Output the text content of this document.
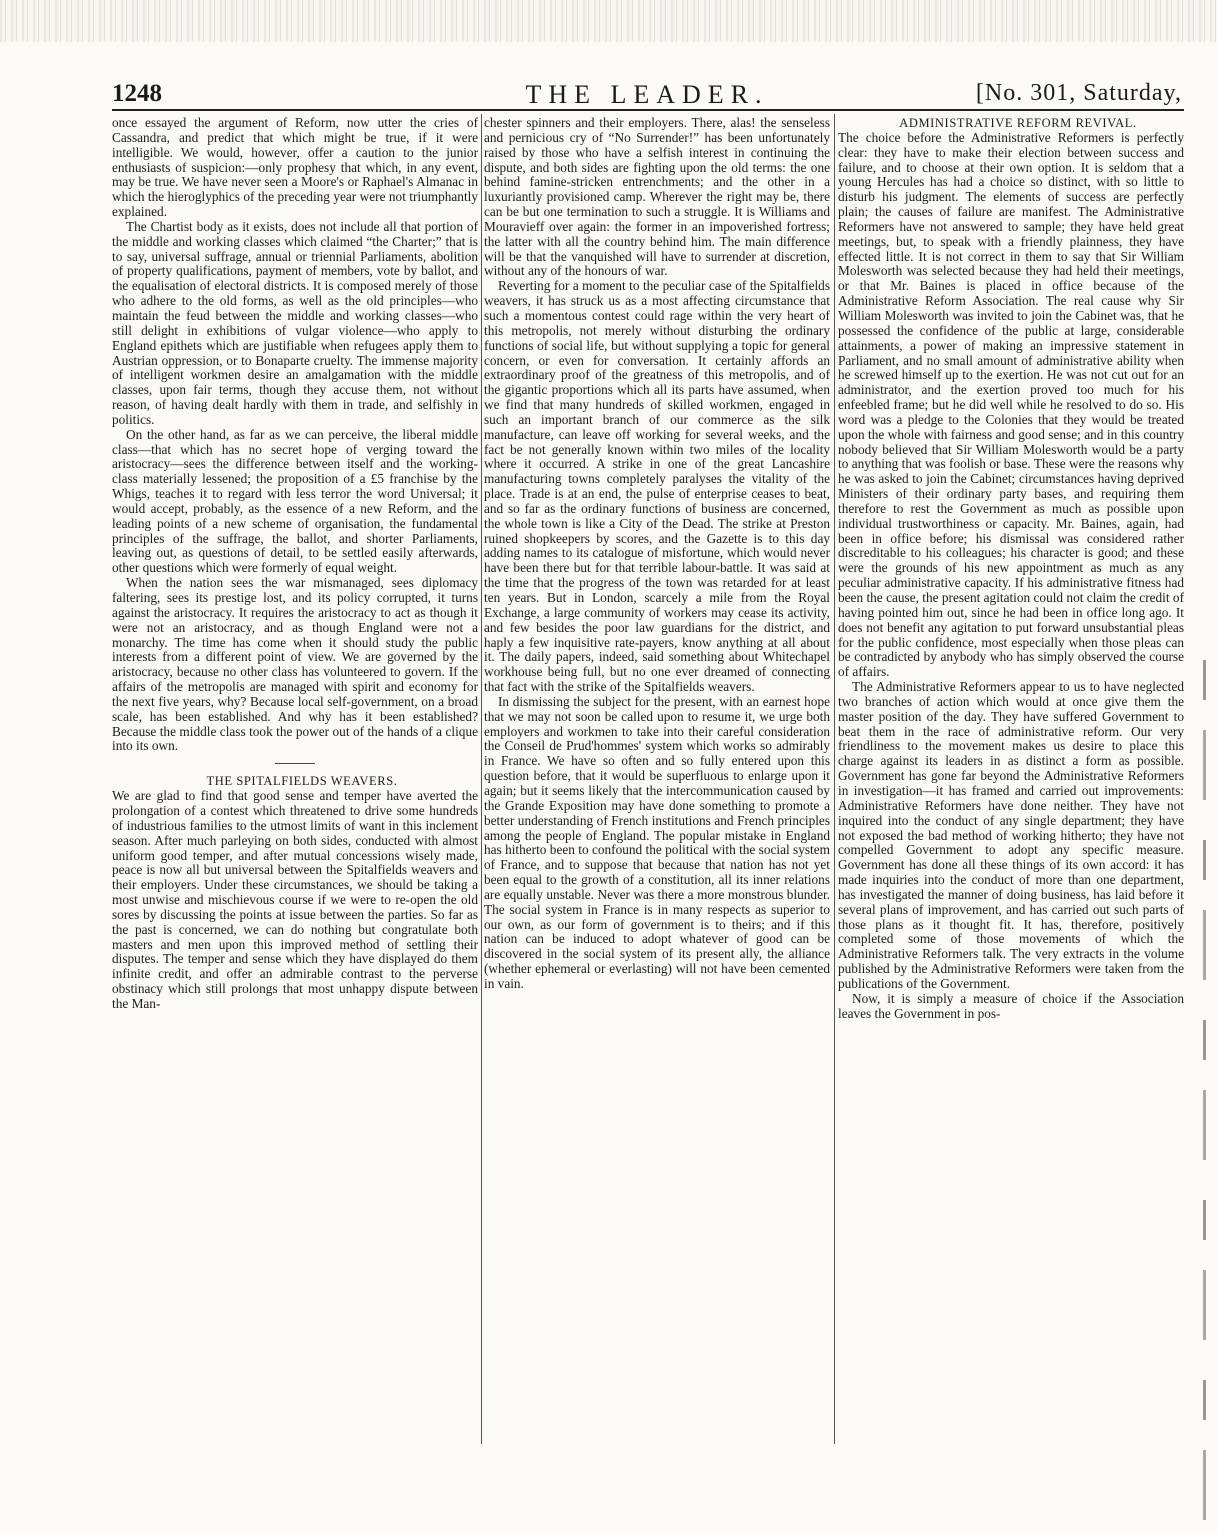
THE LEADER.
1248	[No. 301, Saturday,

once essayed the argument of Reform, now utter the cries of Cassandra, and predict that which might be true, if it were intelligible. We would, however, offer a caution to the junior enthusiasts of suspicion:—only prophesy that which, in any event, may be true. We have never seen a Moore's or Raphael's Almanac in which the hieroglyphics of the preceding year were not triumphantly explained.

The Chartist body as it exists, does not include all that portion of the middle and working classes which claimed “the Charter;” that is to say, universal suffrage, annual or triennial Parliaments, abolition of property qualifications, payment of members, vote by ballot, and the equalisation of electoral districts. It is composed merely of those who adhere to the old forms, as well as the old principles—who maintain the feud between the middle and working classes—who still delight in exhibitions of vulgar violence—who apply to England epithets which are justifiable when refugees apply them to Austrian oppression, or to Bonaparte cruelty. The immense majority of intelligent workmen desire an amalgamation with the middle classes, upon fair terms, though they accuse them, not without reason, of having dealt hardly with them in trade, and selfishly in politics.

On the other hand, as far as we can perceive, the liberal middle class—that which has no secret hope of verging toward the aristocracy—sees the difference between itself and the working-class materially lessened; the proposition of a £5 franchise by the Whigs, teaches it to regard with less terror the word Universal; it would accept, probably, as the essence of a new Reform, and the leading points of a new scheme of organisation, the fundamental principles of the suffrage, the ballot, and shorter Parliaments, leaving out, as questions of detail, to be settled easily afterwards, other questions which were formerly of equal weight.

When the nation sees the war mismanaged, sees diplomacy faltering, sees its prestige lost, and its policy corrupted, it turns against the aristocracy. It requires the aristocracy to act as though it were not an aristocracy, and as though England were not a monarchy. The time has come when it should study the public interests from a different point of view. We are governed by the aristocracy, because no other class has volunteered to govern. If the affairs of the metropolis are managed with spirit and economy for the next five years, why? Because local self-government, on a broad scale, has been established. And why has it been established? Because the middle class took the power out of the hands of a clique into its own.

THE SPITALFIELDS WEAVERS.

We are glad to find that good sense and temper have averted the prolongation of a contest which threatened to drive some hundreds of industrious families to the utmost limits of want in this inclement season. After much parleying on both sides, conducted with almost uniform good temper, and after mutual concessions wisely made, peace is now all but universal between the Spitalfields weavers and their employers. Under these circumstances, we should be taking a most unwise and mischievous course if we were to re-open the old sores by discussing the points at issue between the parties. So far as the past is concerned, we can do nothing but congratulate both masters and men upon this improved method of settling their disputes. The temper and sense which they have displayed do them infinite credit, and offer an admirable contrast to the perverse obstinacy which still prolongs that most unhappy dispute between the Man-

chester spinners and their employers. There, alas! the senseless and pernicious cry of “No Surrender!” has been unfortunately raised by those who have a selfish interest in continuing the dispute, and both sides are fighting upon the old terms: the one behind famine-stricken entrenchments; and the other in a luxuriantly provisioned camp. Wherever the right may be, there can be but one termination to such a struggle. It is Williams and Mouravieff over again: the former in an impoverished fortress; the latter with all the country behind him. The main difference will be that the vanquished will have to surrender at discretion, without any of the honours of war.

Reverting for a moment to the peculiar case of the Spitalfields weavers, it has struck us as a most affecting circumstance that such a momentous contest could rage within the very heart of this metropolis, not merely without disturbing the ordinary functions of social life, but without supplying a topic for general concern, or even for conversation. It certainly affords an extraordinary proof of the greatness of this metropolis, and of the gigantic proportions which all its parts have assumed, when we find that many hundreds of skilled workmen, engaged in such an important branch of our commerce as the silk manufacture, can leave off working for several weeks, and the fact be not generally known within two miles of the locality where it occurred. A strike in one of the great Lancashire manufacturing towns completely paralyses the vitality of the place. Trade is at an end, the pulse of enterprise ceases to beat, and so far as the ordinary functions of business are concerned, the whole town is like a City of the Dead. The strike at Preston ruined shopkeepers by scores, and the Gazette is to this day adding names to its catalogue of misfortune, which would never have been there but for that terrible labour-battle. It was said at the time that the progress of the town was retarded for at least ten years. But in London, scarcely a mile from the Royal Exchange, a large community of workers may cease its activity, and few besides the poor law guardians for the district, and haply a few inquisitive rate-payers, know anything at all about it. The daily papers, indeed, said something about Whitechapel workhouse being full, but no one ever dreamed of connecting that fact with the strike of the Spitalfields weavers.

In dismissing the subject for the present, with an earnest hope that we may not soon be called upon to resume it, we urge both employers and workmen to take into their careful consideration the Conseil de Prud'hommes' system which works so admirably in France. We have so often and so fully entered upon this question before, that it would be superfluous to enlarge upon it again; but it seems likely that the intercommunication caused by the Grande Exposition may have done something to promote a better understanding of French institutions and French principles among the people of England. The popular mistake in England has hitherto been to confound the political with the social system of France, and to suppose that because that nation has not yet been equal to the growth of a constitution, all its inner relations are equally unstable. Never was there a more monstrous blunder. The social system in France is in many respects as superior to our own, as our form of government is to theirs; and if this nation can be induced to adopt whatever of good can be discovered in the social system of its present ally, the alliance (whether ephemeral or everlasting) will not have been cemented in vain.

ADMINISTRATIVE REFORM REVIVAL.

The choice before the Administrative Reformers is perfectly clear: they have to make their election between success and failure, and to choose at their own option. It is seldom that a young Hercules has had a choice so distinct, with so little to disturb his judgment. The elements of success are perfectly plain; the causes of failure are manifest. The Administrative Reformers have not answered to sample; they have held great meetings, but, to speak with a friendly plainness, they have effected little. It is not correct in them to say that Sir William Molesworth was selected because they had held their meetings, or that Mr. Baines is placed in office because of the Administrative Reform Association. The real cause why Sir William Molesworth was invited to join the Cabinet was, that he possessed the confidence of the public at large, considerable attainments, a power of making an impressive statement in Parliament, and no small amount of administrative ability when he screwed himself up to the exertion. He was not cut out for an administrator, and the exertion proved too much for his enfeebled frame; but he did well while he resolved to do so. His word was a pledge to the Colonies that they would be treated upon the whole with fairness and good sense; and in this country nobody believed that Sir William Molesworth would be a party to anything that was foolish or base. These were the reasons why he was asked to join the Cabinet; circumstances having deprived Ministers of their ordinary party bases, and requiring them therefore to rest the Government as much as possible upon individual trustworthiness or capacity. Mr. Baines, again, had been in office before; his dismissal was considered rather discreditable to his colleagues; his character is good; and these were the grounds of his new appointment as much as any peculiar administrative capacity. If his administrative fitness had been the cause, the present agitation could not claim the credit of having pointed him out, since he had been in office long ago. It does not benefit any agitation to put forward unsubstantial pleas for the public confidence, most especially when those pleas can be contradicted by anybody who has simply observed the course of affairs.

The Administrative Reformers appear to us to have neglected two branches of action which would at once give them the master position of the day. They have suffered Government to beat them in the race of administrative reform. Our very friendliness to the movement makes us desire to place this charge against its leaders in as distinct a form as possible. Government has gone far beyond the Administrative Reformers in investigation—it has framed and carried out improvements: Administrative Reformers have done neither. They have not inquired into the conduct of any single department; they have not exposed the bad method of working hitherto; they have not compelled Government to adopt any specific measure. Government has done all these things of its own accord: it has made inquiries into the conduct of more than one department, has investigated the manner of doing business, has laid before it several plans of improvement, and has carried out such parts of those plans as it thought fit. It has, therefore, positively completed some of those movements of which the Administrative Reformers talk. The very extracts in the volume published by the Administrative Reformers were taken from the publications of the Government.

Now, it is simply a measure of choice if the Association leaves the Government in pos-
